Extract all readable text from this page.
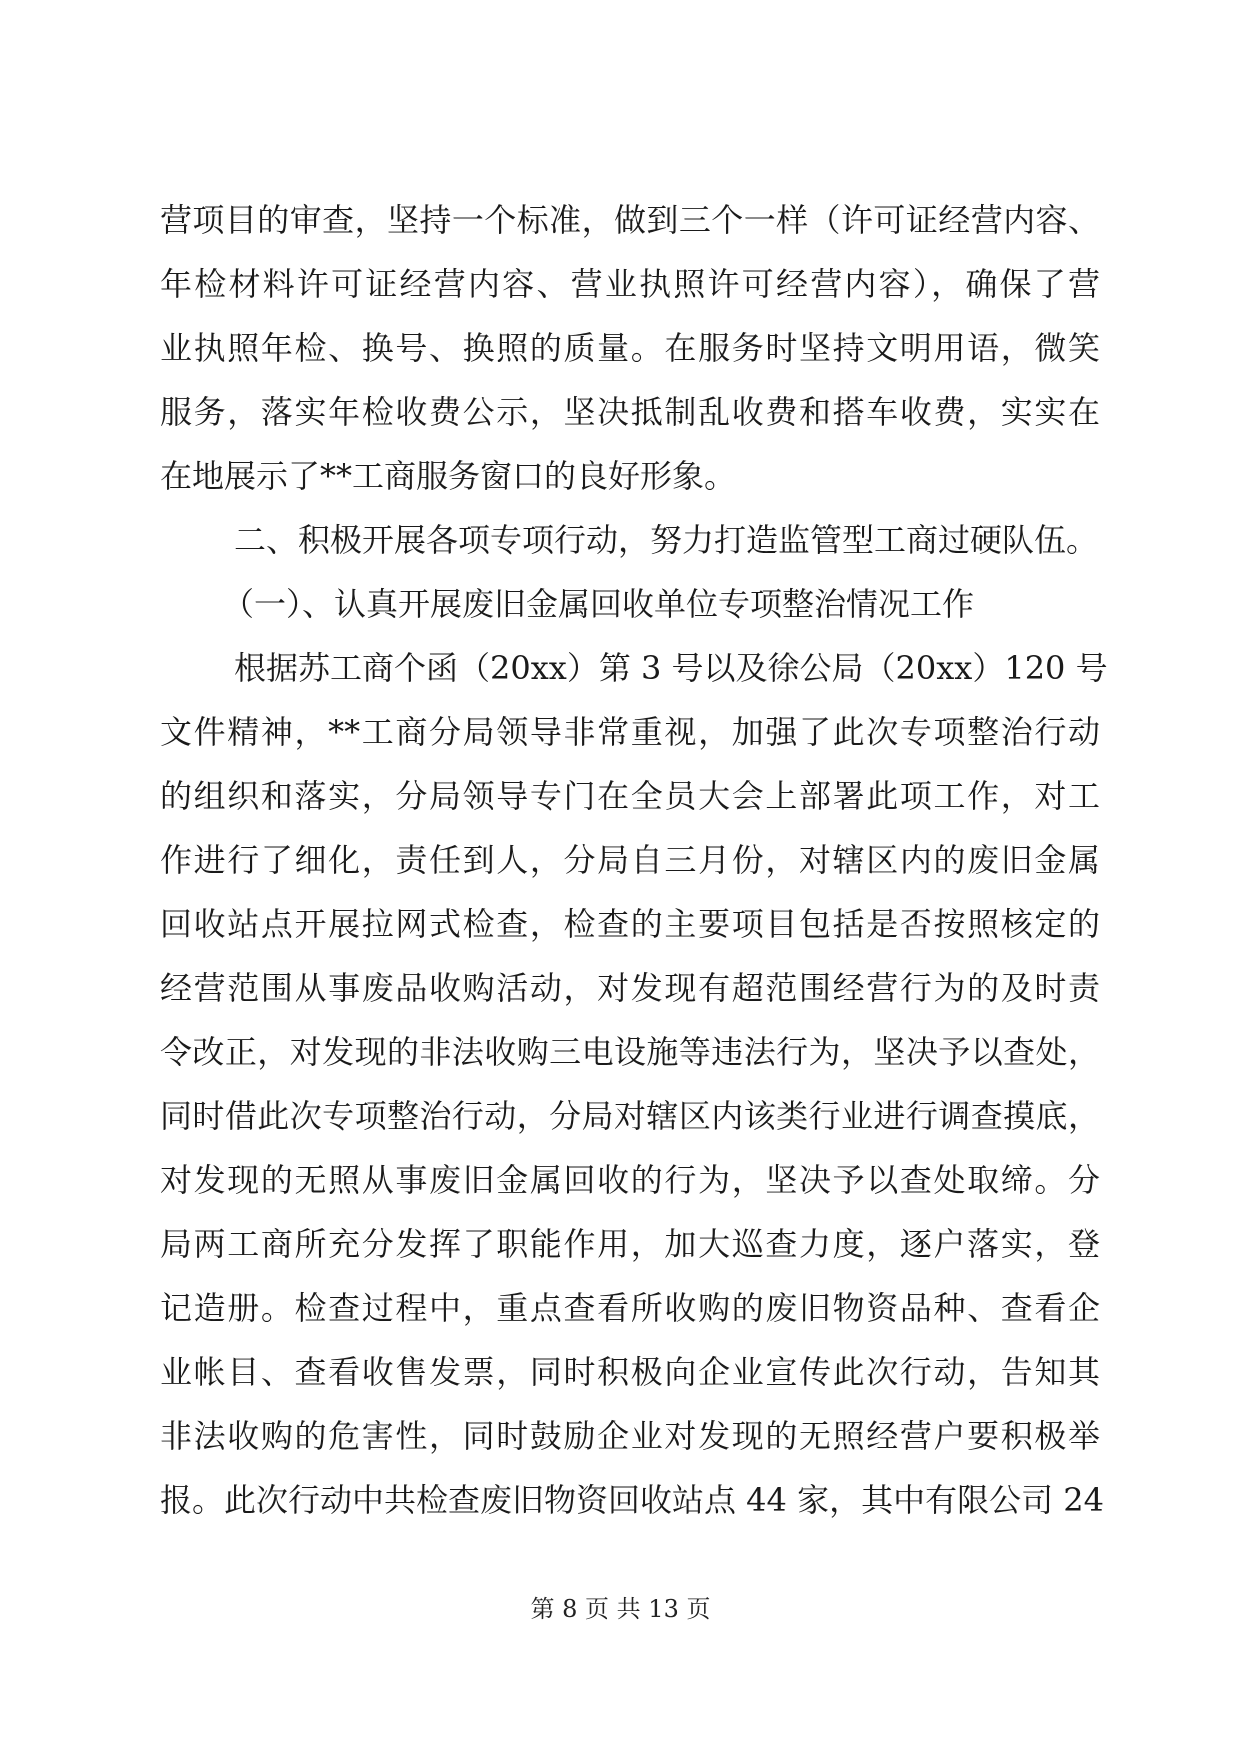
营项目的审查，坚持一个标准，做到三个一样（许可证经营内容、
年检材料许可证经营内容、营业执照许可经营内容），确保了营
业执照年检、换号、换照的质量。在服务时坚持文明用语，微笑
服务，落实年检收费公示，坚决抵制乱收费和搭车收费，实实在
在地展示了**工商服务窗口的良好形象。
二、积极开展各项专项行动，努力打造监管型工商过硬队伍。
（一）、认真开展废旧金属回收单位专项整治情况工作
根据苏工商个函（20xx）第 3 号以及徐公局（20xx）120 号
文件精神，**工商分局领导非常重视，加强了此次专项整治行动
的组织和落实，分局领导专门在全员大会上部署此项工作，对工
作进行了细化，责任到人，分局自三月份，对辖区内的废旧金属
回收站点开展拉网式检查，检查的主要项目包括是否按照核定的
经营范围从事废品收购活动，对发现有超范围经营行为的及时责
令改正，对发现的非法收购三电设施等违法行为，坚决予以查处，
同时借此次专项整治行动，分局对辖区内该类行业进行调查摸底，
对发现的无照从事废旧金属回收的行为，坚决予以查处取缔。分
局两工商所充分发挥了职能作用，加大巡查力度，逐户落实，登
记造册。检查过程中，重点查看所收购的废旧物资品种、查看企
业帐目、查看收售发票，同时积极向企业宣传此次行动，告知其
非法收购的危害性，同时鼓励企业对发现的无照经营户要积极举
报。此次行动中共检查废旧物资回收站点 44 家，其中有限公司 24
第 8 页 共 13 页
